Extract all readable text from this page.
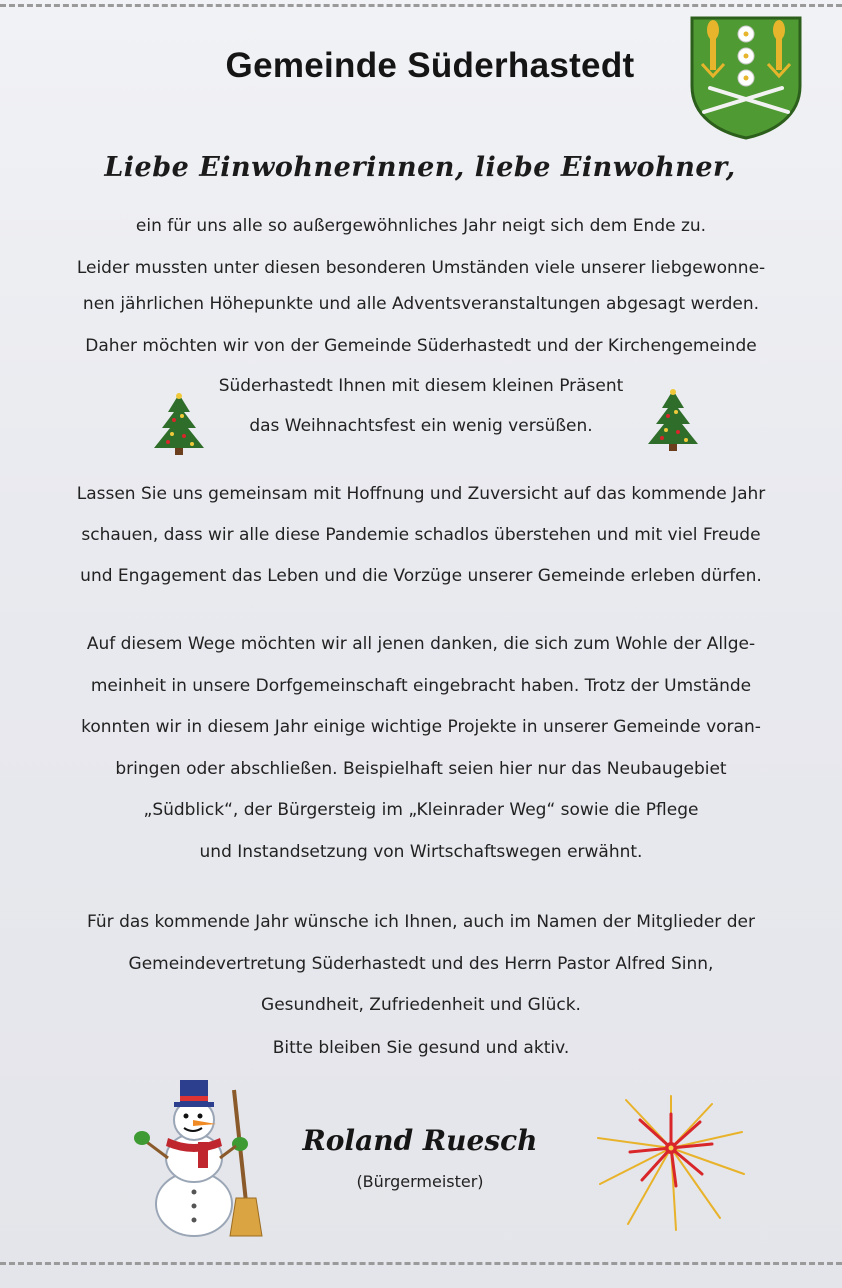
Gemeinde Süderhastedt
Liebe Einwohnerinnen, liebe Einwohner,
ein für uns alle so außergewöhnliches Jahr neigt sich dem Ende zu.
Leider mussten unter diesen besonderen Umständen viele unserer liebgewonne-
nen jährlichen Höhepunkte und alle Adventsveranstaltungen abgesagt werden.
Daher möchten wir von der Gemeinde Süderhastedt und der Kirchengemeinde
Süderhastedt Ihnen mit diesem kleinen Präsent
das Weihnachtsfest ein wenig versüßen.
Lassen Sie uns gemeinsam mit Hoffnung und Zuversicht auf das kommende Jahr
schauen, dass wir alle diese Pandemie schadlos überstehen und mit viel Freude
und Engagement das Leben und die Vorzüge unserer Gemeinde erleben dürfen.
Auf diesem Wege möchten wir all jenen danken, die sich zum Wohle der Allge-
meinheit in unsere Dorfgemeinschaft eingebracht haben. Trotz der Umstände
konnten wir in diesem Jahr einige wichtige Projekte in unserer Gemeinde voran-
bringen oder abschließen. Beispielhaft seien hier nur das Neubaugebiet
„Südblick“, der Bürgersteig im „Kleinrader Weg“ sowie die Pflege
und Instandsetzung von Wirtschaftswegen erwähnt.
Für das kommende Jahr wünsche ich Ihnen, auch im Namen der Mitglieder der
Gemeindevertretung Süderhastedt und des Herrn Pastor Alfred Sinn,
Gesundheit, Zufriedenheit und Glück.
Bitte bleiben Sie gesund und aktiv.
Roland Ruesch
(Bürgermeister)
